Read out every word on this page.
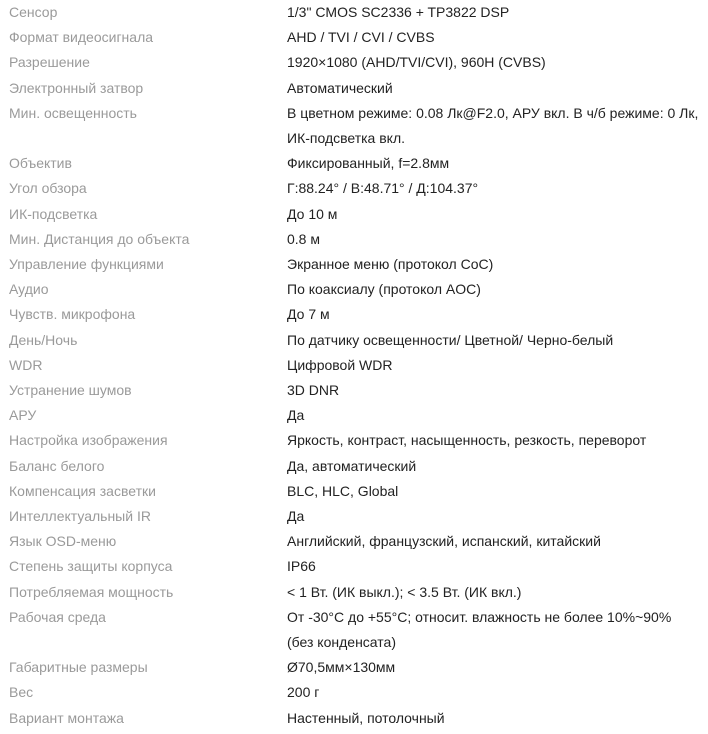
Сенсор	1/3" CMOS SC2336 + TP3822 DSP
Формат видеосигнала	AHD / TVI / CVI / CVBS
Разрешение	1920×1080 (AHD/TVI/CVI), 960H (CVBS)
Электронный затвор	Автоматический
Мин. освещенность	В цветном режиме: 0.08 Лк@F2.0, АРУ вкл. В ч/б режиме: 0 Лк, ИК-подсветка вкл.
Объектив	Фиксированный, f=2.8мм
Угол обзора	Г:88.24° / В:48.71° / Д:104.37°
ИК-подсветка	До 10 м
Мин. Дистанция до объекта	0.8 м
Управление функциями	Экранное меню (протокол CoC)
Аудио	По коаксиалу (протокол AOC)
Чувств. микрофона	До 7 м
День/Ночь	По датчику освещенности/ Цветной/ Черно-белый
WDR	Цифровой WDR
Устранение шумов	3D DNR
АРУ	Да
Настройка изображения	Яркость, контраст, насыщенность, резкость, переворот
Баланс белого	Да, автоматический
Компенсация засветки	BLC, HLC, Global
Интеллектуальный IR	Да
Язык OSD-меню	Английский, французский, испанский, китайский
Степень защиты корпуса	IP66
Потребляемая мощность	< 1 Вт. (ИК выкл.); < 3.5 Вт. (ИК вкл.)
Рабочая среда	От -30°C до +55°C; относит. влажность не более 10%~90% (без конденсата)
Габаритные размеры	Ø70,5мм×130мм
Вес	200 г
Вариант монтажа	Настенный, потолочный
